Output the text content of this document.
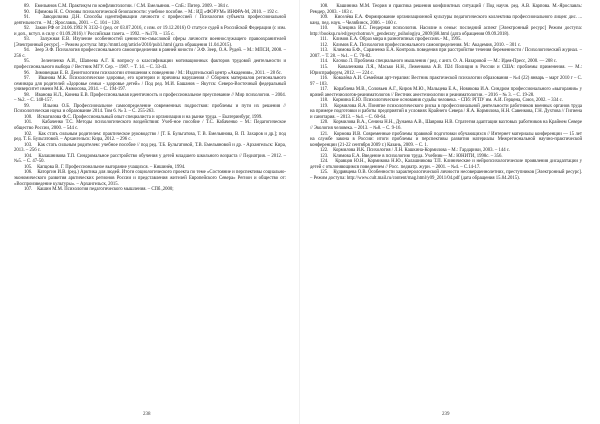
89.    Емельянов С.М. Практикум по конфликтологии. / С.М. Емельянов. – СпБ.: Питер. 2009. – 384 с.
90.    Ефимова Н. С. Основы психологической безопасности: учебное пособие. – М.: ИД «ФОРУМ» ИНФРА-М, 2010. – 192 с.
91.    Заводилкина Д.Н. Способы идентификации личности с профессией / Психология субъекта профессиональной деятельности. – М.; Ярославль, 2001. – С. 104 – 128.
92.    Закон РФ от 24.06.1992 N 3132-1 (ред. от 03.07.2016, с изм. от 19.12.2016) О статусе судей в Российской Федерации (с изм. и доп., вступ. в силу с 01.09.2016) // Российская газета. – 1992. – №170. – 135 с.
93.    Залужная Е.В. Изучение особенностей ценностно-смысловой сферы личности военнослужащего правоохранителей [Электронный ресурс]. – Режим доступа: http://mmtl.org/article/2010/pub1.html (дата обращения 11.04.2015).
94.    Зеер Э.Ф. Психология профессионального самоопределения в ранней юности / Э.Ф. Зеер, О.А. Рудей. – М.: МПСИ, 2008. – 256 с.
95.    Зеленченко А.И., Шапеева А.Г. К вопросу о классификации мотивационных факторов трудовой деятельности и профессионального выбора // Вестник МГУ. Сер. – 1987. – Т. 14. – С. 33-43.
96.    Зимовецкая Е. В. Деонтологизм психологии отношения к поведению / М.: Издательский центр «Академия», 2011. – 28 бс.
97.    Иванова М.К. Психологическое здоровье, его критерии и причины нарушения // Сборник материалов регионального семинара для родителей «Здоровье семьи - здоровье детей» / Под ред. М.И. Башанов – Якутск: Северо-Восточный федеральный университет имени М.К. Аммосова, 2014. – С. 194-197.
98.    Иванова Н.Л., Конева Е.В. Профессиональная идентичность и профессиональное преуспевание // Мир психологии. – 2004. – №2. – С. 148-157.
99.    Ильина О.Б. Профессиональное самоопределение современных подростков: проблемы и пути их решения // Психологическая наука и образование 2014. Том 6. № 3. – С. 255-263.
100.    Исмагилова Ф.С. Профессиональный опыт специалиста и организация и на рынке труда. – Екатеринбург, 1999.
101.    Кабаченко Т.С. Методы психологического воздействия: Учеб-ное пособие / Т.С. Кабаченко – М.: Педагогическое общество России, 2000. – 544 с.
102.    Как стать сильным родителем: практическое руководство / [Т. Б. Бульгатова, Т. В. Емельянова, В. П. Захаров и др.]; под ред. Т. Б. Бульгатовой. – Архангельск: Кира, 2012. – 296 с.
103.    Как стать сильным родителем: учебное пособие // под ред. Т.Б. Бульгатовой, Т.В. Емельяновой и др. - Архангельск: Кира, 2013. – 256 с.
104.    Калашникова Т.П. Синдромальное расстройство обучения у детей младшего школьного возраста // Педиатрия. – 2012. – №5. – С. 47-50.
105.    Капцова В. Г. Профессиональное выгорание учащихся. – Кишинёв, 1994.
106.    Каторгин И.В. (ред.) Арктика для людей. Итоги социологического проекта по теме «Состояние и перспективы социально-экономического развития арктических регионов России и представления жителей Европейского Севера» Регион и общество от: «Воспроизведение культуры». – Архангельск, 2015.
107.    Кашин М.М. Психология педагогического мышления. – СПб.,2000;
238
108.    Кашинина М.М. Теория и практика решения конфликтных ситуаций / Под научн. ред. А.В. Карпова. М.-Ярославль: Ремдер, 2003. - 183 с.
109.    Киселёва Е.А. Формирование организационной культуры педагогического коллектива профессионального лицея: дис. ... канд. пед. наук. – Челябинск, 2006. – 160 с.
110.    Клецина И.С. Гендерная психология. Насилие в семье: последний аспект [Электронный ресурс] Режим доступа: http://booksp.ru/ed/gesychotron/v_genderary_psihologiya_2009/j68.html (дата обращения 09.09.2018).
111.    Климов Е.А. Образ мира в разнотипных профессиях.- М., 1995.
112.    Климов Е.А. Психология профессионального самоопределения. М.: Академия, 2010. – 301 с.
113.    Климова Б.Ф., Сараненко Е.А. Контроль поведения при расстройстве течения беременности / Психологический журнал. – 2007. – Т. 28. – №1. – С. 70-82.
114.    Клочко Л. Проблема специального мышления / ред. с англ. О. А. Назаровой — М.: Идея-Пресс, 2000. — 208 с.
115.    Коваленкова Л.Я., Масько Н.Н., Леженкова А.В. П24 Полиция в России и США: проблемы применения. — М.: Юриспрафорум, 2012. — 224 с.
116.    Ковалёва А.И. Семейная арт-терапия: Вестник практической психологии образования – №4 (22) январь – март 2010 г – С. 97 – 103.
117.    Кораблева М.В., Соловьев А.Г., Киров М.Ю., Мальцева Е.А., Новикова И.А. Синдром профессионального «выгорания» у врачей анестезиологов-реаниматологов // Вестник анестезиологии и реаниматологии. – 2016 – № 3. – С. 19-28.
118.    Кормина Е.Ю. Психологические основания судьбы человека. - СПб: РГПУ им. А.И. Герцена, Союз, 2002. – 334 с.
119.    Кормилова Я.А. Понятие психологического риска в профессиональной деятельности работников военных органов труда на примере подготовки и работы предприятий в условиях Крайнего Севера / Я.А. Кормилова, Н.Н. Савенкова, Г.Н. Духтова // Гигиена и санитария. – 2013. – №4. – С. 60-64.
120.    Кормилова В.А., Сенина Н.Н., Дунаева А.В., Шаврова Н.В. Стратегия адаптации вахтовых работников на Крайнем Севере // Экология человека. – 2013. – №8. – С. 9-16.
121.    Кормова И.В. Современные проблемы правовой подготовки обучающихся // Интернет материалы конференции — 15 лет на службе закона в России: итоги проблемы и перспективы развития материалы Межрегиональной научно-практической конференции (21-22 сентября 2009 г.) Казань, 2009. – С. 1.
122.    Кормилова И.К. Психология / Л.Н. Кашкина-Кормилова – М.: Гардарики, 2003. – 144 с.
123.    Климова Е.А. Введение в психологию труда. Учебник— М.: ЮНИТИ, 1998с. – 356.
124.    Кравцов Ю.Н., Кормикова Н.Ю., Калашникова Т.П. Клинические и нейропсихологические проявления дисадаптации у детей с отклоняющимся поведением // Росс. педиатр. журн. – 2001. – №4. – С.14-17.
125.    Кудрявцева О.В. Особенности характерологической личности несовершеннолетних, преступников [Электронный ресурс]. – Режим доступа: http://www.cult.mail.ru/content/mag.html/y09_2011/04.pdf (дата обращения 15.04.2015).
239
